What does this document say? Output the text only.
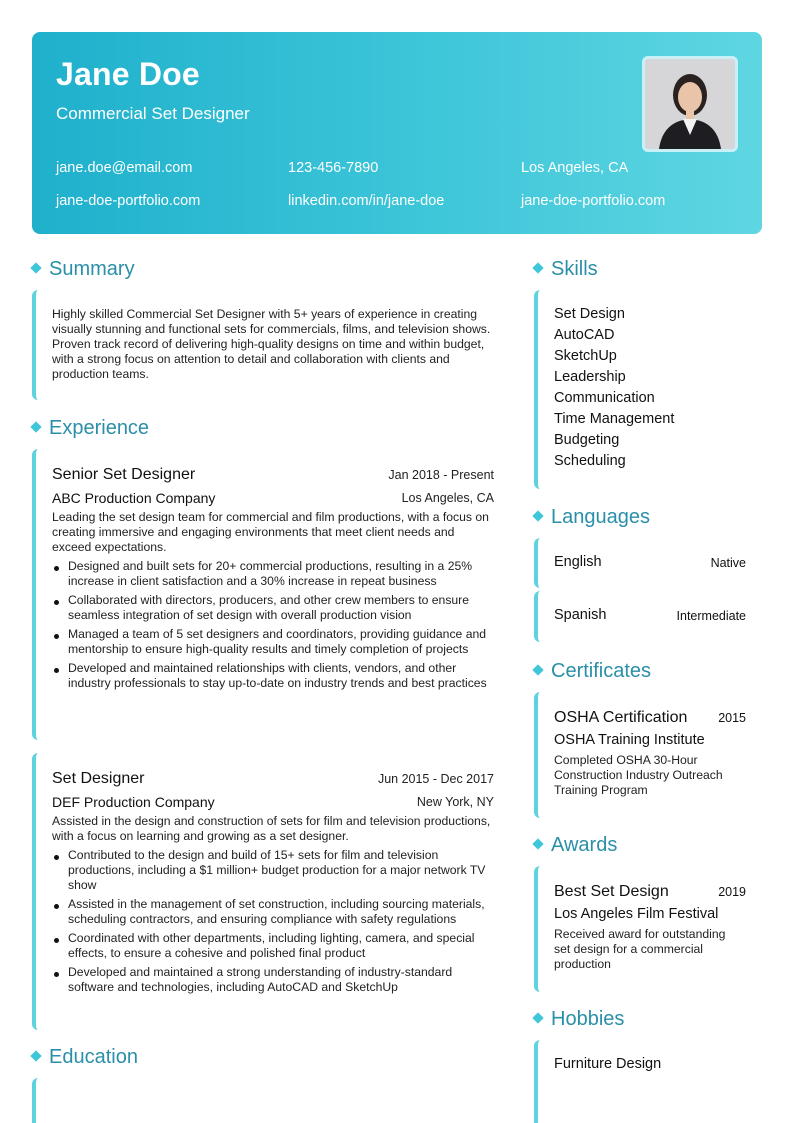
Jane Doe
Commercial Set Designer
jane.doe@email.com	123-456-7890	Los Angeles, CA
jane-doe-portfolio.com	linkedin.com/in/jane-doe	jane-doe-portfolio.com
Summary
Highly skilled Commercial Set Designer with 5+ years of experience in creating visually stunning and functional sets for commercials, films, and television shows. Proven track record of delivering high-quality designs on time and within budget, with a strong focus on attention to detail and collaboration with clients and production teams.
Experience
Senior Set Designer	Jan 2018 - Present
ABC Production Company	Los Angeles, CA
Leading the set design team for commercial and film productions, with a focus on creating immersive and engaging environments that meet client needs and exceed expectations.
Designed and built sets for 20+ commercial productions, resulting in a 25% increase in client satisfaction and a 30% increase in repeat business
Collaborated with directors, producers, and other crew members to ensure seamless integration of set design with overall production vision
Managed a team of 5 set designers and coordinators, providing guidance and mentorship to ensure high-quality results and timely completion of projects
Developed and maintained relationships with clients, vendors, and other industry professionals to stay up-to-date on industry trends and best practices
Set Designer	Jun 2015 - Dec 2017
DEF Production Company	New York, NY
Assisted in the design and construction of sets for film and television productions, with a focus on learning and growing as a set designer.
Contributed to the design and build of 15+ sets for film and television productions, including a $1 million+ budget production for a major network TV show
Assisted in the management of set construction, including sourcing materials, scheduling contractors, and ensuring compliance with safety regulations
Coordinated with other departments, including lighting, camera, and special effects, to ensure a cohesive and polished final product
Developed and maintained a strong understanding of industry-standard software and technologies, including AutoCAD and SketchUp
Education
Skills
Set Design
AutoCAD
SketchUp
Leadership
Communication
Time Management
Budgeting
Scheduling
Languages
English	Native
Spanish	Intermediate
Certificates
OSHA Certification 2015
OSHA Training Institute
Completed OSHA 30-Hour Construction Industry Outreach Training Program
Awards
Best Set Design	2019
Los Angeles Film Festival
Received award for outstanding set design for a commercial production
Hobbies
Furniture Design
